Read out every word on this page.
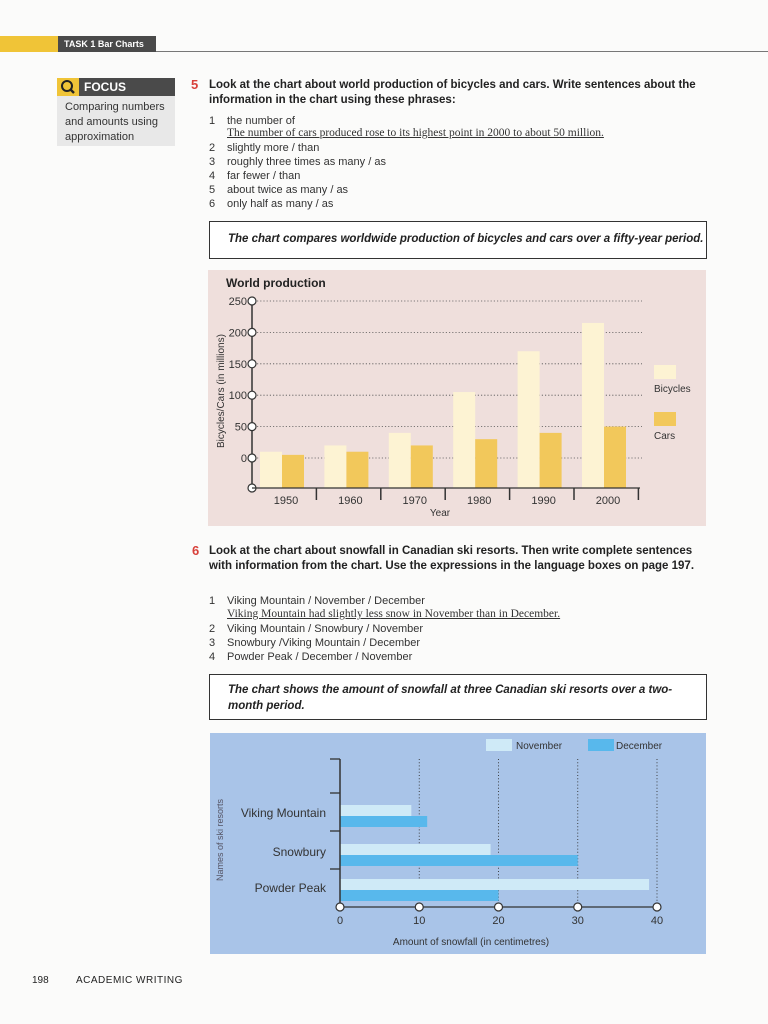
TASK 1 Bar Charts
FOCUS
Comparing numbers and amounts using approximation
5 Look at the chart about world production of bicycles and cars. Write sentences about the information in the chart using these phrases:
1 the number of
The number of cars produced rose to its highest point in 2000 to about 50 million.
2 slightly more / than
3 roughly three times as many / as
4 far fewer / than
5 about twice as many / as
6 only half as many / as
The chart compares worldwide production of bicycles and cars over a fifty-year period.
World production
Bicycles/Cars (in millions)
Year
0
50
100
150
200
250
1950	1960	1970	1980	1990	2000
Bicycles
Cars
6 Look at the chart about snowfall in Canadian ski resorts. Then write complete sentences with information from the chart. Use the expressions in the language boxes on page 197.
1 Viking Mountain / November / December
Viking Mountain had slightly less snow in November than in December.
2 Viking Mountain / Snowbury / November
3 Snowbury /Viking Mountain / December
4 Powder Peak / December / November
The chart shows the amount of snowfall at three Canadian ski resorts over a two-month period.
November	December
Names of ski resorts
Amount of snowfall (in centimetres)
Viking Mountain
Snowbury
Powder Peak
0	10	20	30	40
198	ACADEMIC WRITING
